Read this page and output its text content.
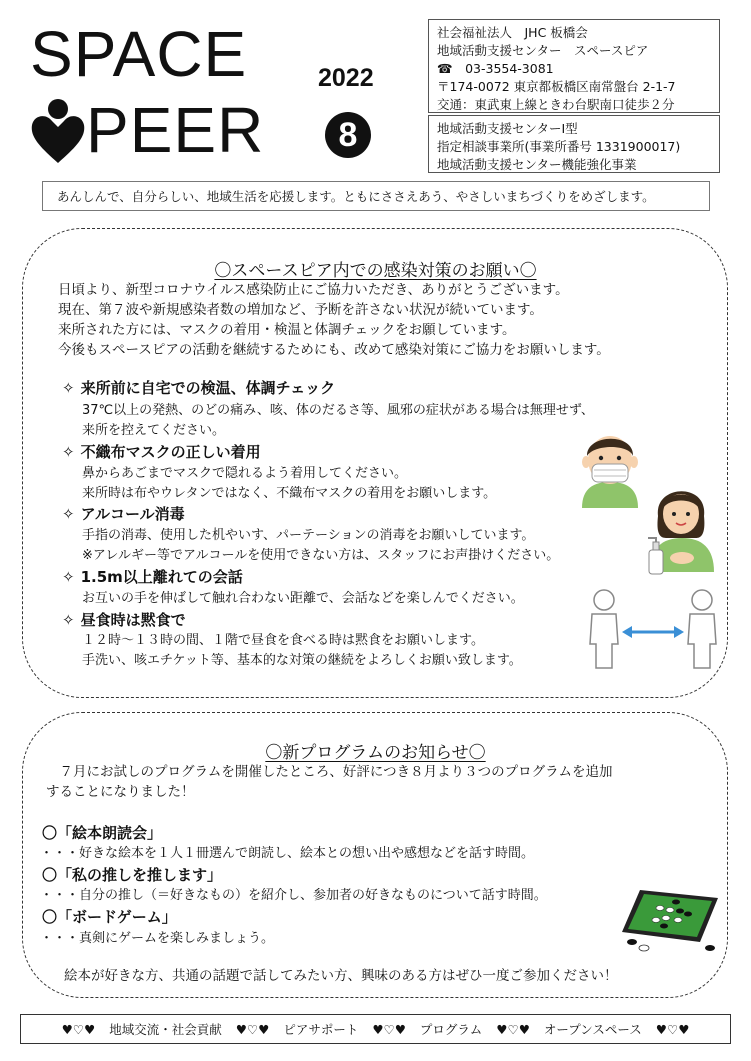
SPACE	2022
PEER	8
社会福祉法人　JHC 板橋会
地域活動支援センター　スペースピア
☎　03-3554-3081
〒174-0072 東京都板橋区南常盤台 2-1-7
交通：東武東上線ときわ台駅南口徒歩２分
地域活動支援センターⅠ型
指定相談事業所(事業所番号 1331900017)
地域活動支援センター機能強化事業
あんしんで、自分らしい、地域生活を応援します。ともにささえあう、やさしいまちづくりをめざします。
〇スペースピア内での感染対策のお願い〇
日頃より、新型コロナウイルス感染防止にご協力いただき、ありがとうございます。
現在、第７波や新規感染者数の増加など、予断を許さない状況が続いています。
来所された方には、マスクの着用・検温と体調チェックをお願しています。
今後もスペースピアの活動を継続するためにも、改めて感染対策にご協力をお願いします。
✧ 来所前に自宅での検温、体調チェック
37℃以上の発熱、のどの痛み、咳、体のだるさ等、風邪の症状がある場合は無理せず、
来所を控えてください。
✧ 不織布マスクの正しい着用
鼻からあごまでマスクで隠れるよう着用してください。
来所時は布やウレタンではなく、不織布マスクの着用をお願いします。
✧ アルコール消毒
手指の消毒、使用した机やいす、パーテーションの消毒をお願いしています。
※アレルギー等でアルコールを使用できない方は、スタッフにお声掛けください。
✧ 1.5m以上離れての会話
お互いの手を伸ばして触れ合わない距離で、会話などを楽しんでください。
✧ 昼食時は黙食で
１２時～１３時の間、１階で昼食を食べる時は黙食をお願いします。
手洗い、咳エチケット等、基本的な対策の継続をよろしくお願い致します。
〇新プログラムのお知らせ〇
　７月にお試しのプログラムを開催したところ、好評につき８月より３つのプログラムを追加
することになりました！
〇「絵本朗読会」
・・・好きな絵本を１人１冊選んで朗読し、絵本との想い出や感想などを話す時間。
〇「私の推しを推します」
・・・自分の推し（＝好きなもの）を紹介し、参加者の好きなものについて話す時間。
〇「ボードゲーム」
・・・真剣にゲームを楽しみましょう。
絵本が好きな方、共通の話題で話してみたい方、興味のある方はぜひ一度ご参加ください！
♥♡♥ 地域交流・社会貢献 ♥♡♥ ピアサポート ♥♡♥ プログラム ♥♡♥ オープンスペース ♥♡♥
